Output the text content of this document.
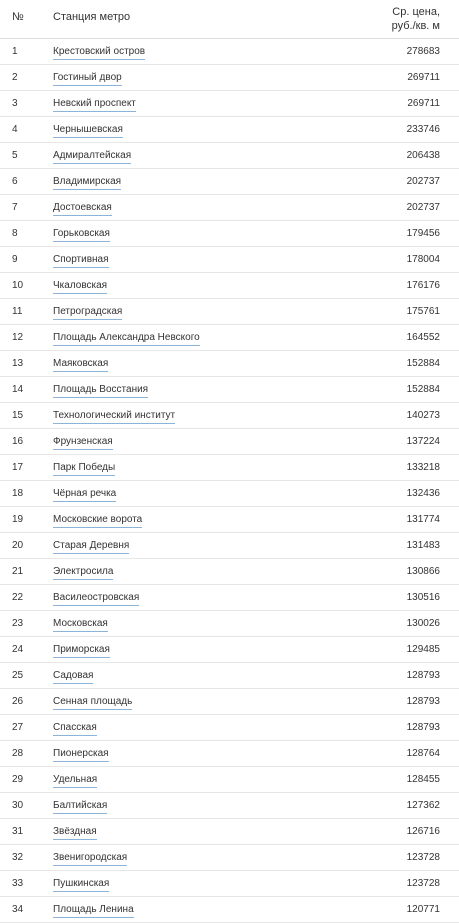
№	Станция метро	Ср. цена,
руб./кв. м
1	Крестовский остров	278683
2	Гостиный двор	269711
3	Невский проспект	269711
4	Чернышевская	233746
5	Адмиралтейская	206438
6	Владимирская	202737
7	Достоевская	202737
8	Горьковская	179456
9	Спортивная	178004
10	Чкаловская	176176
11	Петроградская	175761
12	Площадь Александра Невского	164552
13	Маяковская	152884
14	Площадь Восстания	152884
15	Технологический институт	140273
16	Фрунзенская	137224
17	Парк Победы	133218
18	Чёрная речка	132436
19	Московские ворота	131774
20	Старая Деревня	131483
21	Электросила	130866
22	Василеостровская	130516
23	Московская	130026
24	Приморская	129485
25	Садовая	128793
26	Сенная площадь	128793
27	Спасская	128793
28	Пионерская	128764
29	Удельная	128455
30	Балтийская	127362
31	Звёздная	126716
32	Звенигородская	123728
33	Пушкинская	123728
34	Площадь Ленина	120771
